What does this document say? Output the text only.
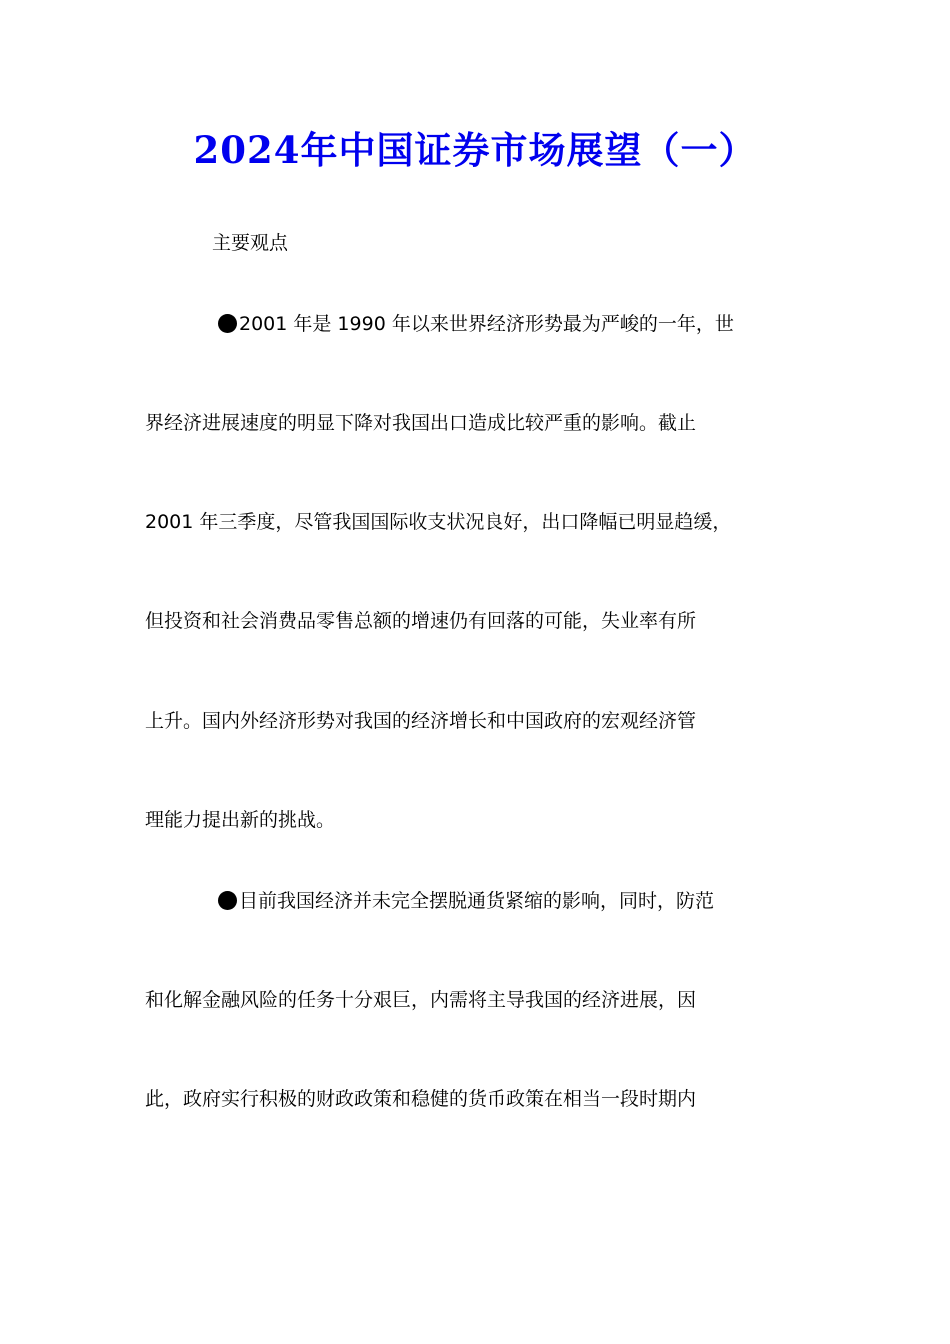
2024年中国证券市场展望（一）
主要观点
2001 年是 1990 年以来世界经济形势最为严峻的一年，世
界经济进展速度的明显下降对我国出口造成比较严重的影响。截止
2001 年三季度，尽管我国国际收支状况良好，出口降幅已明显趋缓，
但投资和社会消费品零售总额的增速仍有回落的可能，失业率有所
上升。国内外经济形势对我国的经济增长和中国政府的宏观经济管
理能力提出新的挑战。
目前我国经济并未完全摆脱通货紧缩的影响，同时，防范
和化解金融风险的任务十分艰巨，内需将主导我国的经济进展，因
此，政府实行积极的财政政策和稳健的货币政策在相当一段时期内
